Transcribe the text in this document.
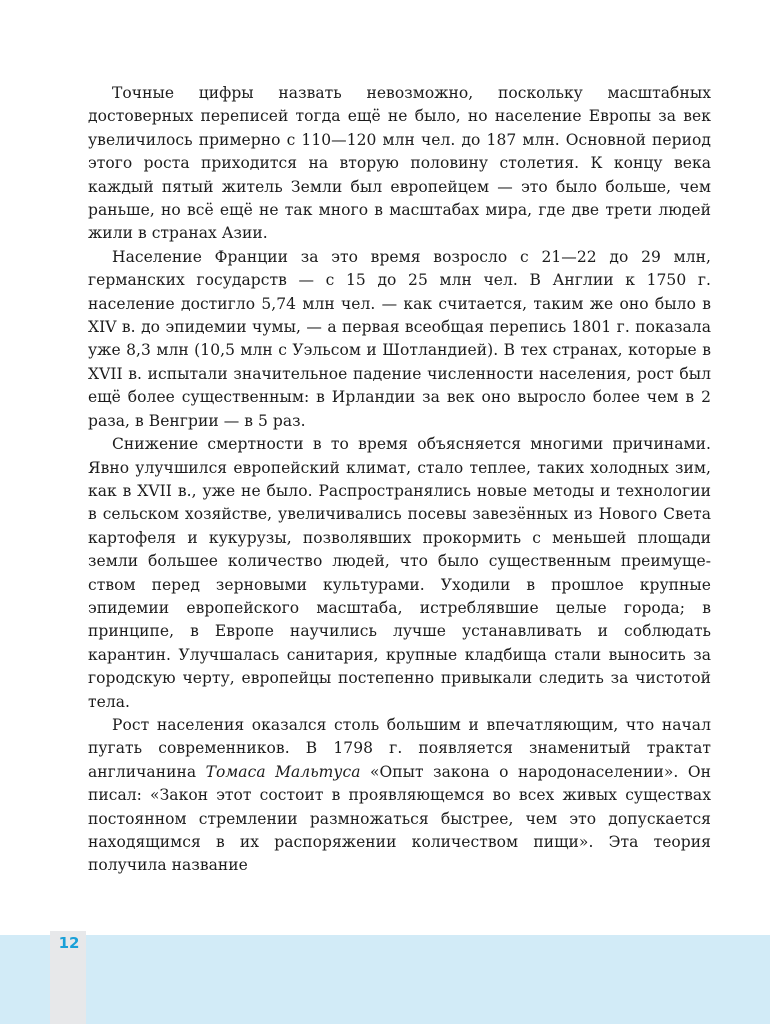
Точные цифры назвать невозможно, поскольку масштабных достоверных переписей тогда ещё не было, но население Европы за век увеличилось примерно с 110—120 млн чел. до 187 млн. Основной период этого роста приходится на вторую половину столетия. К концу века каждый пятый житель Земли был европейцем — это было больше, чем раньше, но всё ещё не так много в масштабах мира, где две трети людей жили в странах Азии.

Население Франции за это время возросло с 21—22 до 29 млн, германских государств — с 15 до 25 млн чел. В Англии к 1750 г. население достигло 5,74 млн чел. — как считается, таким же оно было в XIV в. до эпидемии чумы, — а первая всеобщая перепись 1801 г. показала уже 8,3 млн (10,5 млн с Уэльсом и Шотландией). В тех странах, которые в XVII в. испытали значительное падение численности населения, рост был ещё более существенным: в Ирландии за век оно выросло более чем в 2 раза, в Венгрии — в 5 раз.

Снижение смертности в то время объясняется многими причинами. Явно улучшился европейский климат, стало теплее, таких холодных зим, как в XVII в., уже не было. Распространялись новые методы и технологии в сельском хозяйстве, увеличивались посевы завезённых из Нового Света картофеля и кукурузы, позволявших прокормить с меньшей площади земли большее количество людей, что было существенным преимуществом перед зерновыми культурами. Уходили в прошлое крупные эпидемии европейского масштаба, истреблявшие целые города; в принципе, в Европе научились лучше устанавливать и соблюдать карантин. Улучшалась санитария, крупные кладбища стали выносить за городскую черту, европейцы постепенно привыкали следить за чистотой тела.

Рост населения оказался столь большим и впечатляющим, что начал пугать современников. В 1798 г. появляется знаменитый трактат англичанина Томаса Мальтуса «Опыт закона о народонаселении». Он писал: «Закон этот состоит в проявляющемся во всех живых существах постоянном стремлении размножаться быстрее, чем это допускается находящимся в их распоряжении количеством пищи». Эта теория получила название

12
